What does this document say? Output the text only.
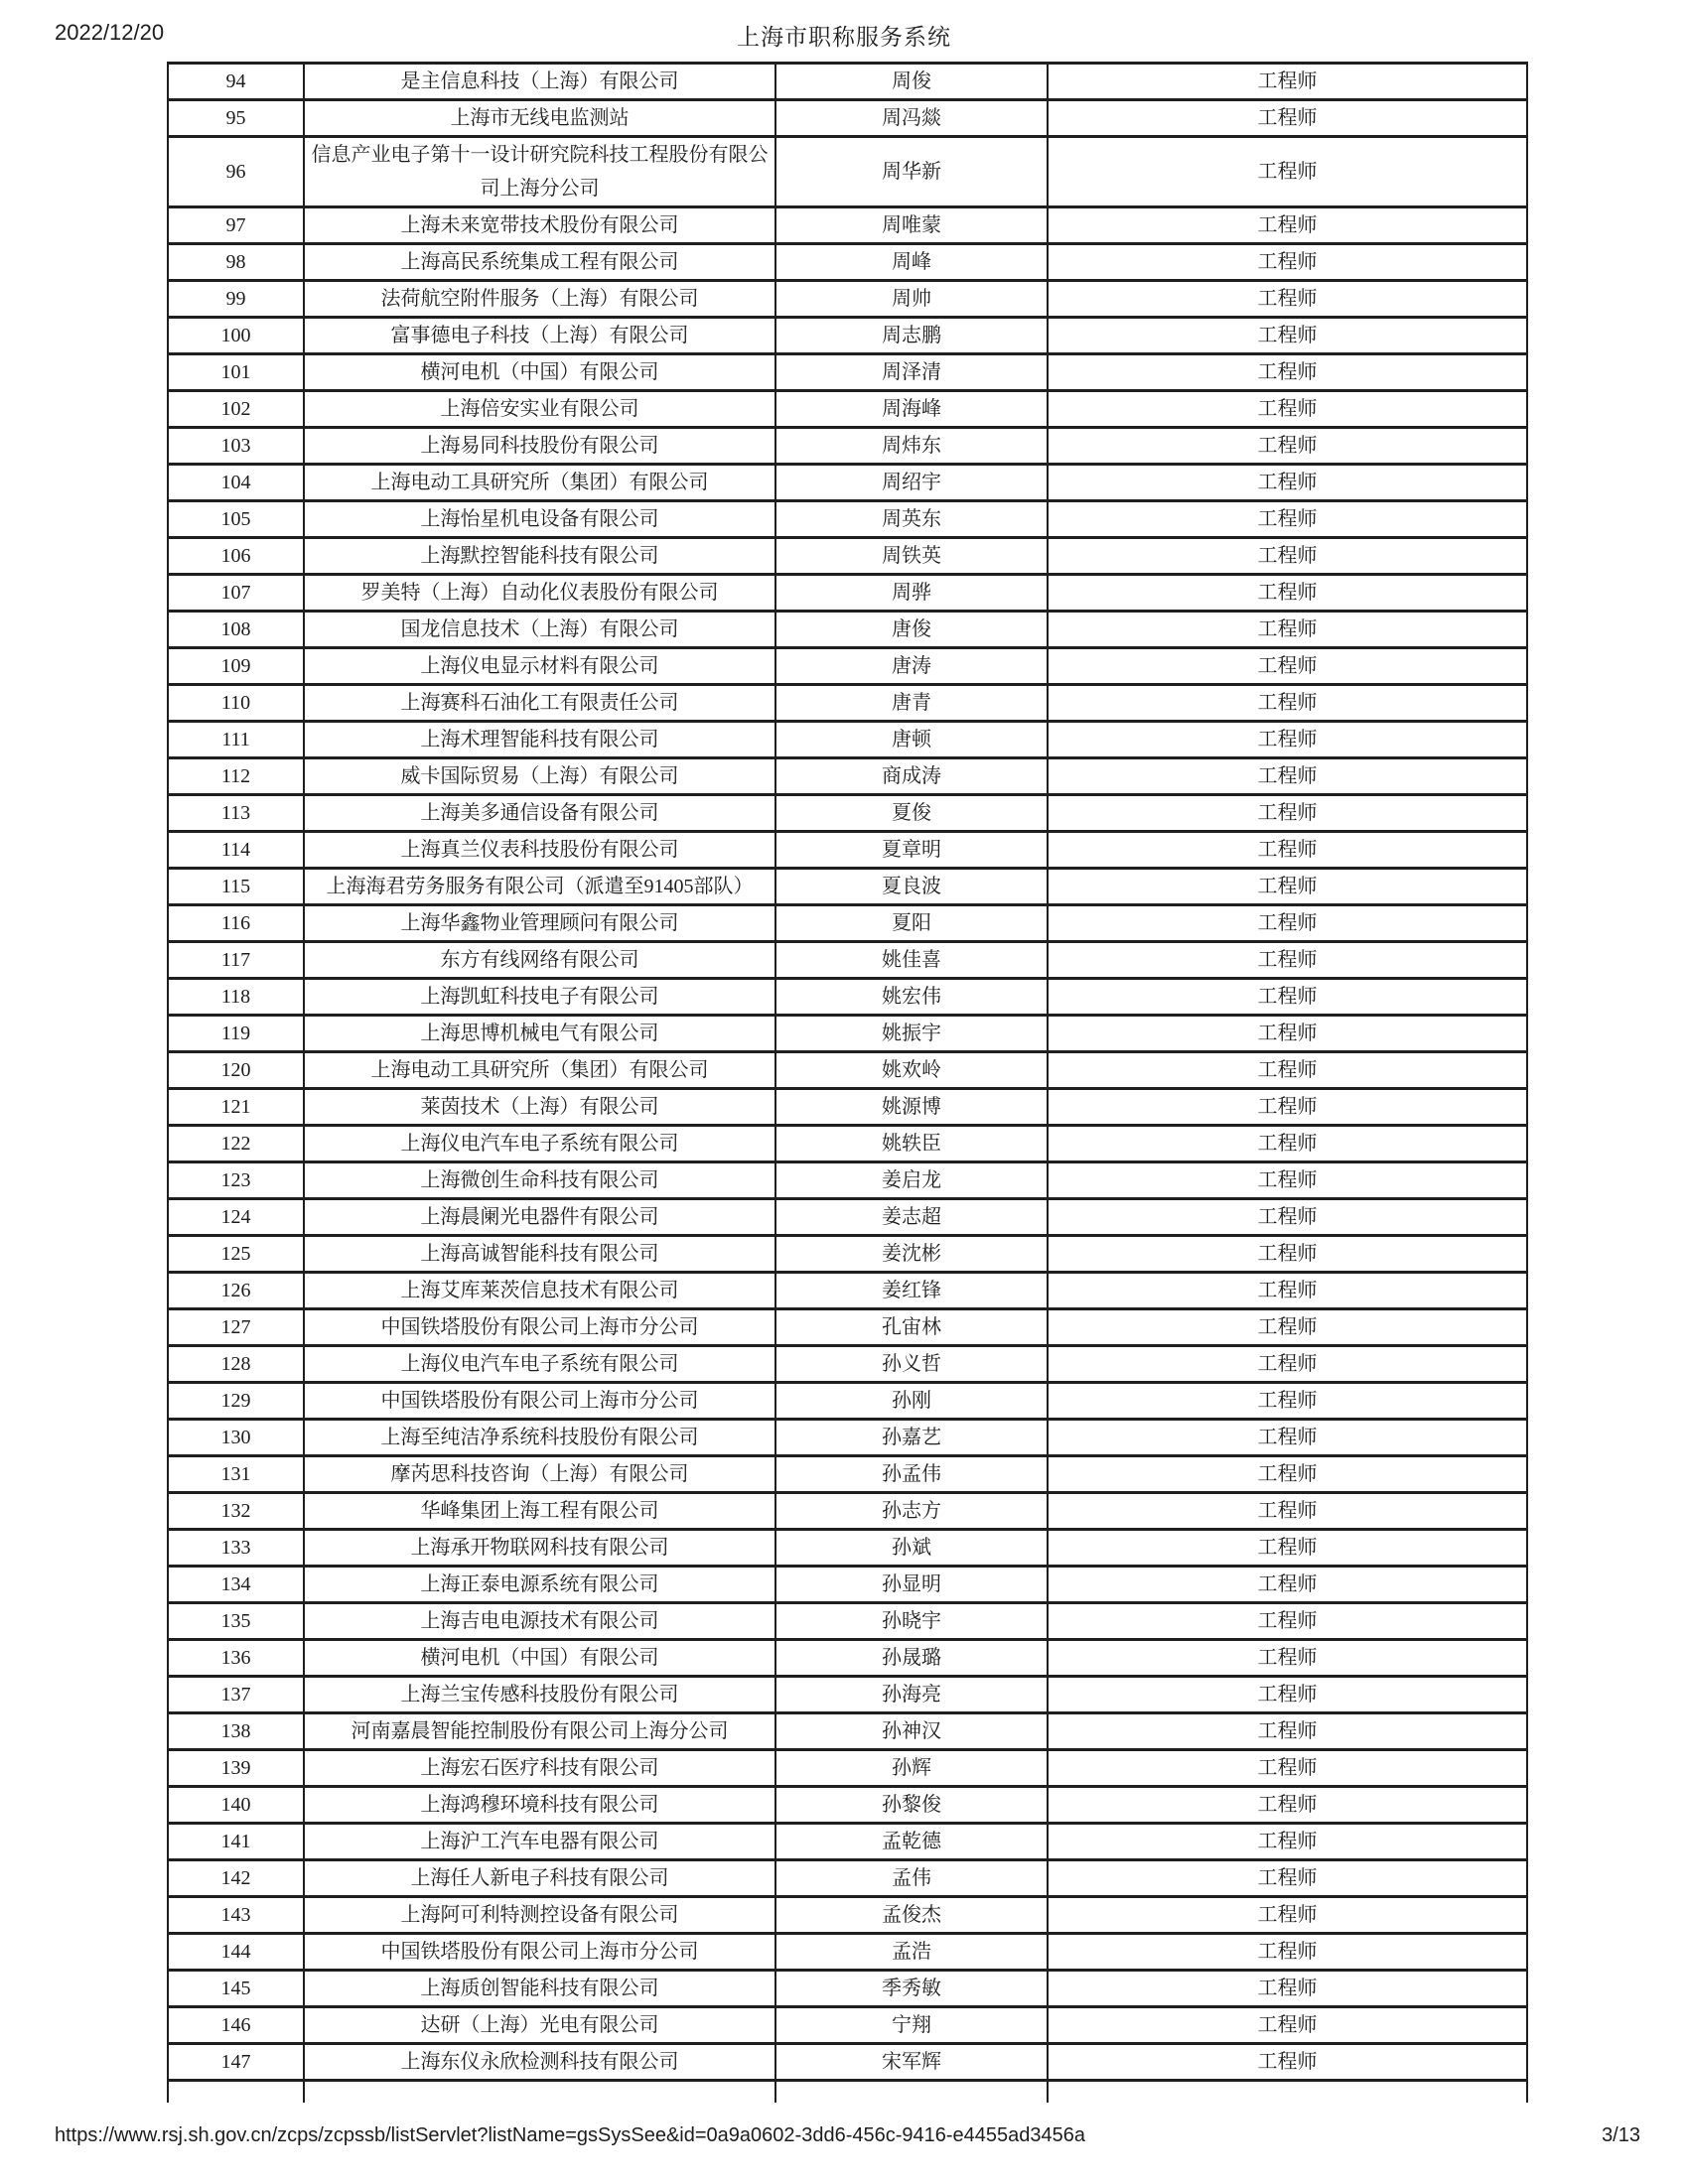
2022/12/20	上海市职称服务系统
94	是主信息科技（上海）有限公司	周俊	工程师
95	上海市无线电监测站	周冯燚	工程师
96	信息产业电子第十一设计研究院科技工程股份有限公司上海分公司	周华新	工程师
97	上海未来宽带技术股份有限公司	周唯蒙	工程师
98	上海高民系统集成工程有限公司	周峰	工程师
99	法荷航空附件服务（上海）有限公司	周帅	工程师
100	富事德电子科技（上海）有限公司	周志鹏	工程师
101	横河电机（中国）有限公司	周泽清	工程师
102	上海倍安实业有限公司	周海峰	工程师
103	上海易同科技股份有限公司	周炜东	工程师
104	上海电动工具研究所（集团）有限公司	周绍宇	工程师
105	上海怡星机电设备有限公司	周英东	工程师
106	上海默控智能科技有限公司	周铁英	工程师
107	罗美特（上海）自动化仪表股份有限公司	周骅	工程师
108	国龙信息技术（上海）有限公司	唐俊	工程师
109	上海仪电显示材料有限公司	唐涛	工程师
110	上海赛科石油化工有限责任公司	唐青	工程师
111	上海术理智能科技有限公司	唐顿	工程师
112	威卡国际贸易（上海）有限公司	商成涛	工程师
113	上海美多通信设备有限公司	夏俊	工程师
114	上海真兰仪表科技股份有限公司	夏章明	工程师
115	上海海君劳务服务有限公司（派遣至91405部队）	夏良波	工程师
116	上海华鑫物业管理顾问有限公司	夏阳	工程师
117	东方有线网络有限公司	姚佳喜	工程师
118	上海凯虹科技电子有限公司	姚宏伟	工程师
119	上海思博机械电气有限公司	姚振宇	工程师
120	上海电动工具研究所（集团）有限公司	姚欢岭	工程师
121	莱茵技术（上海）有限公司	姚源博	工程师
122	上海仪电汽车电子系统有限公司	姚轶臣	工程师
123	上海微创生命科技有限公司	姜启龙	工程师
124	上海晨阑光电器件有限公司	姜志超	工程师
125	上海高诚智能科技有限公司	姜沈彬	工程师
126	上海艾库莱茨信息技术有限公司	姜红锋	工程师
127	中国铁塔股份有限公司上海市分公司	孔宙林	工程师
128	上海仪电汽车电子系统有限公司	孙义哲	工程师
129	中国铁塔股份有限公司上海市分公司	孙刚	工程师
130	上海至纯洁净系统科技股份有限公司	孙嘉艺	工程师
131	摩芮思科技咨询（上海）有限公司	孙孟伟	工程师
132	华峰集团上海工程有限公司	孙志方	工程师
133	上海承开物联网科技有限公司	孙斌	工程师
134	上海正泰电源系统有限公司	孙显明	工程师
135	上海吉电电源技术有限公司	孙晓宇	工程师
136	横河电机（中国）有限公司	孙晟璐	工程师
137	上海兰宝传感科技股份有限公司	孙海亮	工程师
138	河南嘉晨智能控制股份有限公司上海分公司	孙神汉	工程师
139	上海宏石医疗科技有限公司	孙辉	工程师
140	上海鸿穆环境科技有限公司	孙黎俊	工程师
141	上海沪工汽车电器有限公司	孟乾德	工程师
142	上海任人新电子科技有限公司	孟伟	工程师
143	上海阿可利特测控设备有限公司	孟俊杰	工程师
144	中国铁塔股份有限公司上海市分公司	孟浩	工程师
145	上海质创智能科技有限公司	季秀敏	工程师
146	达研（上海）光电有限公司	宁翔	工程师
147	上海东仪永欣检测科技有限公司	宋军辉	工程师

https://www.rsj.sh.gov.cn/zcps/zcpssb/listServlet?listName=gsSysSee&id=0a9a0602-3dd6-456c-9416-e4455ad3456a	3/13
